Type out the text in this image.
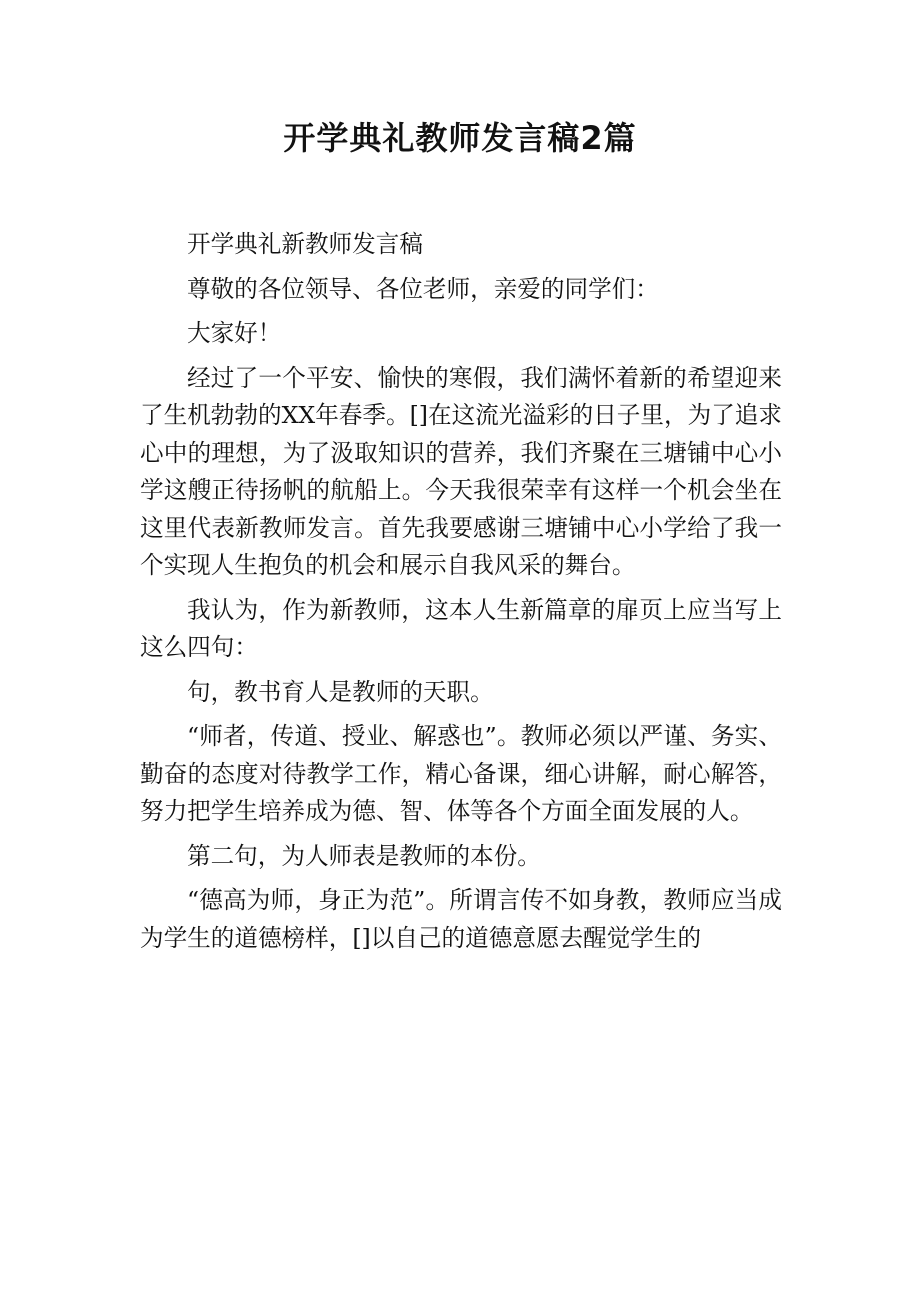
开学典礼教师发言稿2篇

开学典礼新教师发言稿

尊敬的各位领导、各位老师，亲爱的同学们：

大家好！

经过了一个平安、愉快的寒假，我们满怀着新的希望迎来了生机勃勃的XX年春季。[]在这流光溢彩的日子里，为了追求心中的理想，为了汲取知识的营养，我们齐聚在三塘铺中心小学这艘正待扬帆的航船上。今天我很荣幸有这样一个机会坐在这里代表新教师发言。首先我要感谢三塘铺中心小学给了我一个实现人生抱负的机会和展示自我风采的舞台。

我认为，作为新教师，这本人生新篇章的扉页上应当写上这么四句：

句，教书育人是教师的天职。

“师者，传道、授业、解惑也”。教师必须以严谨、务实、勤奋的态度对待教学工作，精心备课，细心讲解，耐心解答，努力把学生培养成为德、智、体等各个方面全面发展的人。

第二句，为人师表是教师的本份。

“德高为师，身正为范”。所谓言传不如身教，教师应当成为学生的道德榜样，[]以自己的道德意愿去醒觉学生的
